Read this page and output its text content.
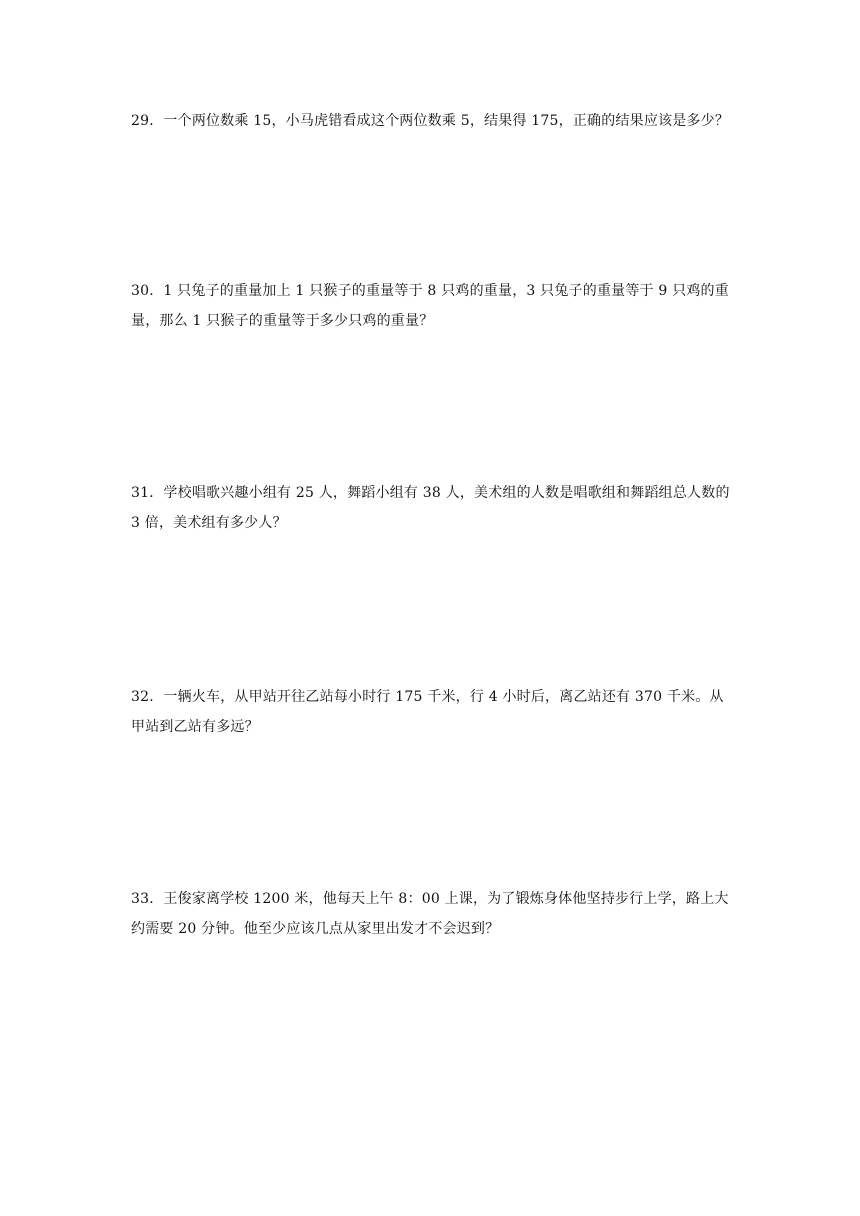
29．一个两位数乘 15，小马虎错看成这个两位数乘 5，结果得 175，正确的结果应该是多少？

30．1 只兔子的重量加上 1 只猴子的重量等于 8 只鸡的重量，3 只兔子的重量等于 9 只鸡的重量，那么 1 只猴子的重量等于多少只鸡的重量？

31．学校唱歌兴趣小组有 25 人，舞蹈小组有 38 人，美术组的人数是唱歌组和舞蹈组总人数的 3 倍，美术组有多少人？

32．一辆火车，从甲站开往乙站每小时行 175 千米，行 4 小时后，离乙站还有 370 千米。从甲站到乙站有多远？

33．王俊家离学校 1200 米，他每天上午 8：00 上课，为了锻炼身体他坚持步行上学，路上大约需要 20 分钟。他至少应该几点从家里出发才不会迟到？
